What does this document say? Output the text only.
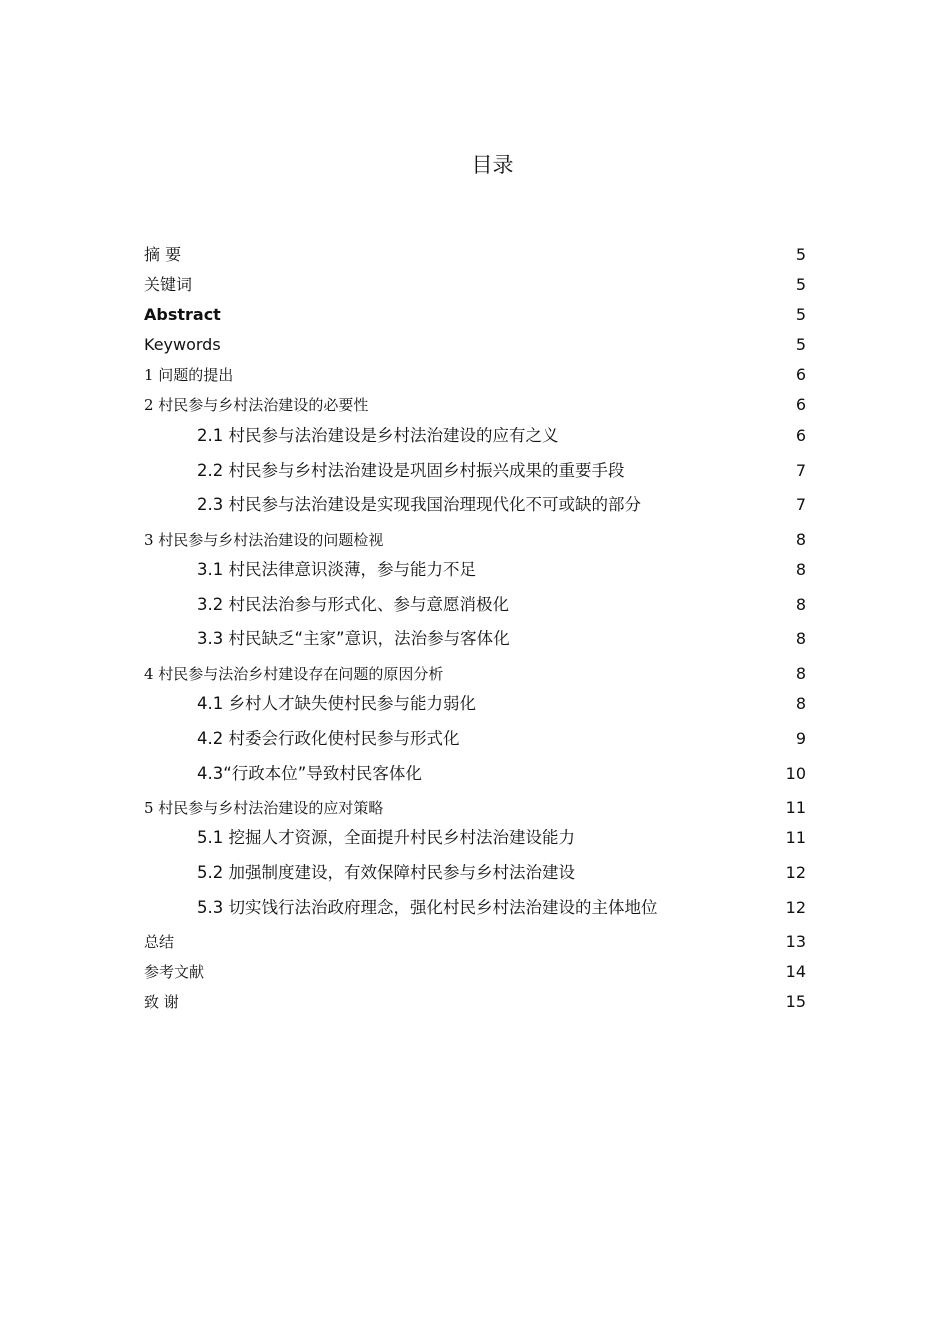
目录
摘 要	5
关键词	5
Abstract	5
Keywords	5
1 问题的提出	6
2 村民参与乡村法治建设的必要性	6
2.1 村民参与法治建设是乡村法治建设的应有之义	6
2.2 村民参与乡村法治建设是巩固乡村振兴成果的重要手段	7
2.3 村民参与法治建设是实现我国治理现代化不可或缺的部分	7
3 村民参与乡村法治建设的问题检视	8
3.1 村民法律意识淡薄，参与能力不足	8
3.2 村民法治参与形式化、参与意愿消极化	8
3.3 村民缺乏“主家”意识，法治参与客体化	8
4 村民参与法治乡村建设存在问题的原因分析	8
4.1 乡村人才缺失使村民参与能力弱化	8
4.2 村委会行政化使村民参与形式化	9
4.3“行政本位”导致村民客体化	10
5 村民参与乡村法治建设的应对策略	11
5.1 挖掘人才资源，全面提升村民乡村法治建设能力	11
5.2 加强制度建设，有效保障村民参与乡村法治建设	12
5.3 切实饯行法治政府理念，强化村民乡村法治建设的主体地位	12
总结	13
参考文献	14
致 谢	15
